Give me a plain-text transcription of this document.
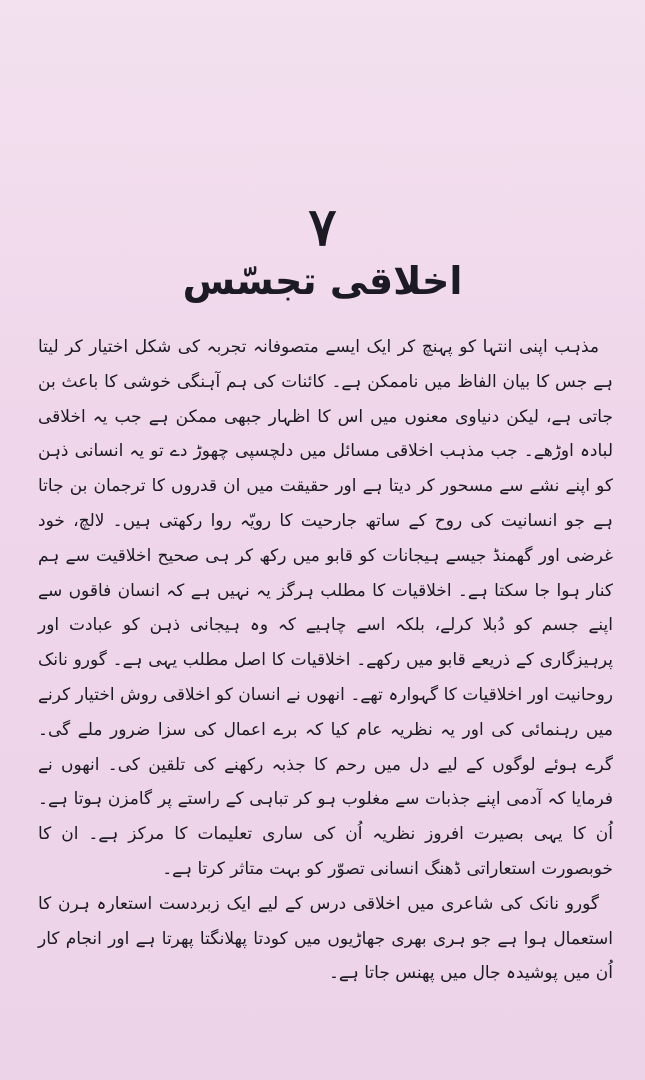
۷
اخلاقی تجسّس

مذہب اپنی انتہا کو پہنچ کر ایک ایسے متصوفانہ تجربہ کی شکل اختیار کر لیتا ہے جس کا بیان الفاظ میں ناممکن ہے۔ کائنات کی ہم آہنگی خوشی کا باعث بن جاتی ہے، لیکن دنیاوی معنوں میں اس کا اظہار جبھی ممکن ہے جب یہ اخلاقی لبادہ اوڑھے۔ جب مذہب اخلاقی مسائل میں دلچسپی چھوڑ دے تو یہ انسانی ذہن کو اپنے نشے سے مسحور کر دیتا ہے اور حقیقت میں ان قدروں کا ترجمان بن جاتا ہے جو انسانیت کی روح کے ساتھ جارحیت کا رویّہ روا رکھتی ہیں۔ لالچ، خود غرضی اور گھمنڈ جیسے ہیجانات کو قابو میں رکھ کر ہی صحیح اخلاقیت سے ہم کنار ہوا جا سکتا ہے۔ اخلاقیات کا مطلب ہرگز یہ نہیں ہے کہ انسان فاقوں سے اپنے جسم کو دُبلا کرلے، بلکہ اسے چاہیے کہ وہ ہیجانی ذہن کو عبادت اور پرہیزگاری کے ذریعے قابو میں رکھے۔ اخلاقیات کا اصل مطلب یہی ہے۔ گورو نانک روحانیت اور اخلاقیات کا گہوارہ تھے۔ انھوں نے انسان کو اخلاقی روش اختیار کرنے میں رہنمائی کی اور یہ نظریہ عام کیا کہ برے اعمال کی سزا ضرور ملے گی۔ گرے ہوئے لوگوں کے لیے دل میں رحم کا جذبہ رکھنے کی تلقین کی۔ انھوں نے فرمایا کہ آدمی اپنے جذبات سے مغلوب ہو کر تباہی کے راستے پر گامزن ہوتا ہے۔ اُن کا یہی بصیرت افروز نظریہ اُن کی ساری تعلیمات کا مرکز ہے۔ ان کا خوبصورت استعاراتی ڈھنگ انسانی تصوّر کو بہت متاثر کرتا ہے۔

گورو نانک کی شاعری میں اخلاقی درس کے لیے ایک زبردست استعارہ ہرن کا استعمال ہوا ہے جو ہری بھری جھاڑیوں میں کودتا پھلانگتا پھرتا ہے اور انجام کار اُن میں پوشیدہ جال میں پھنس جاتا ہے۔
